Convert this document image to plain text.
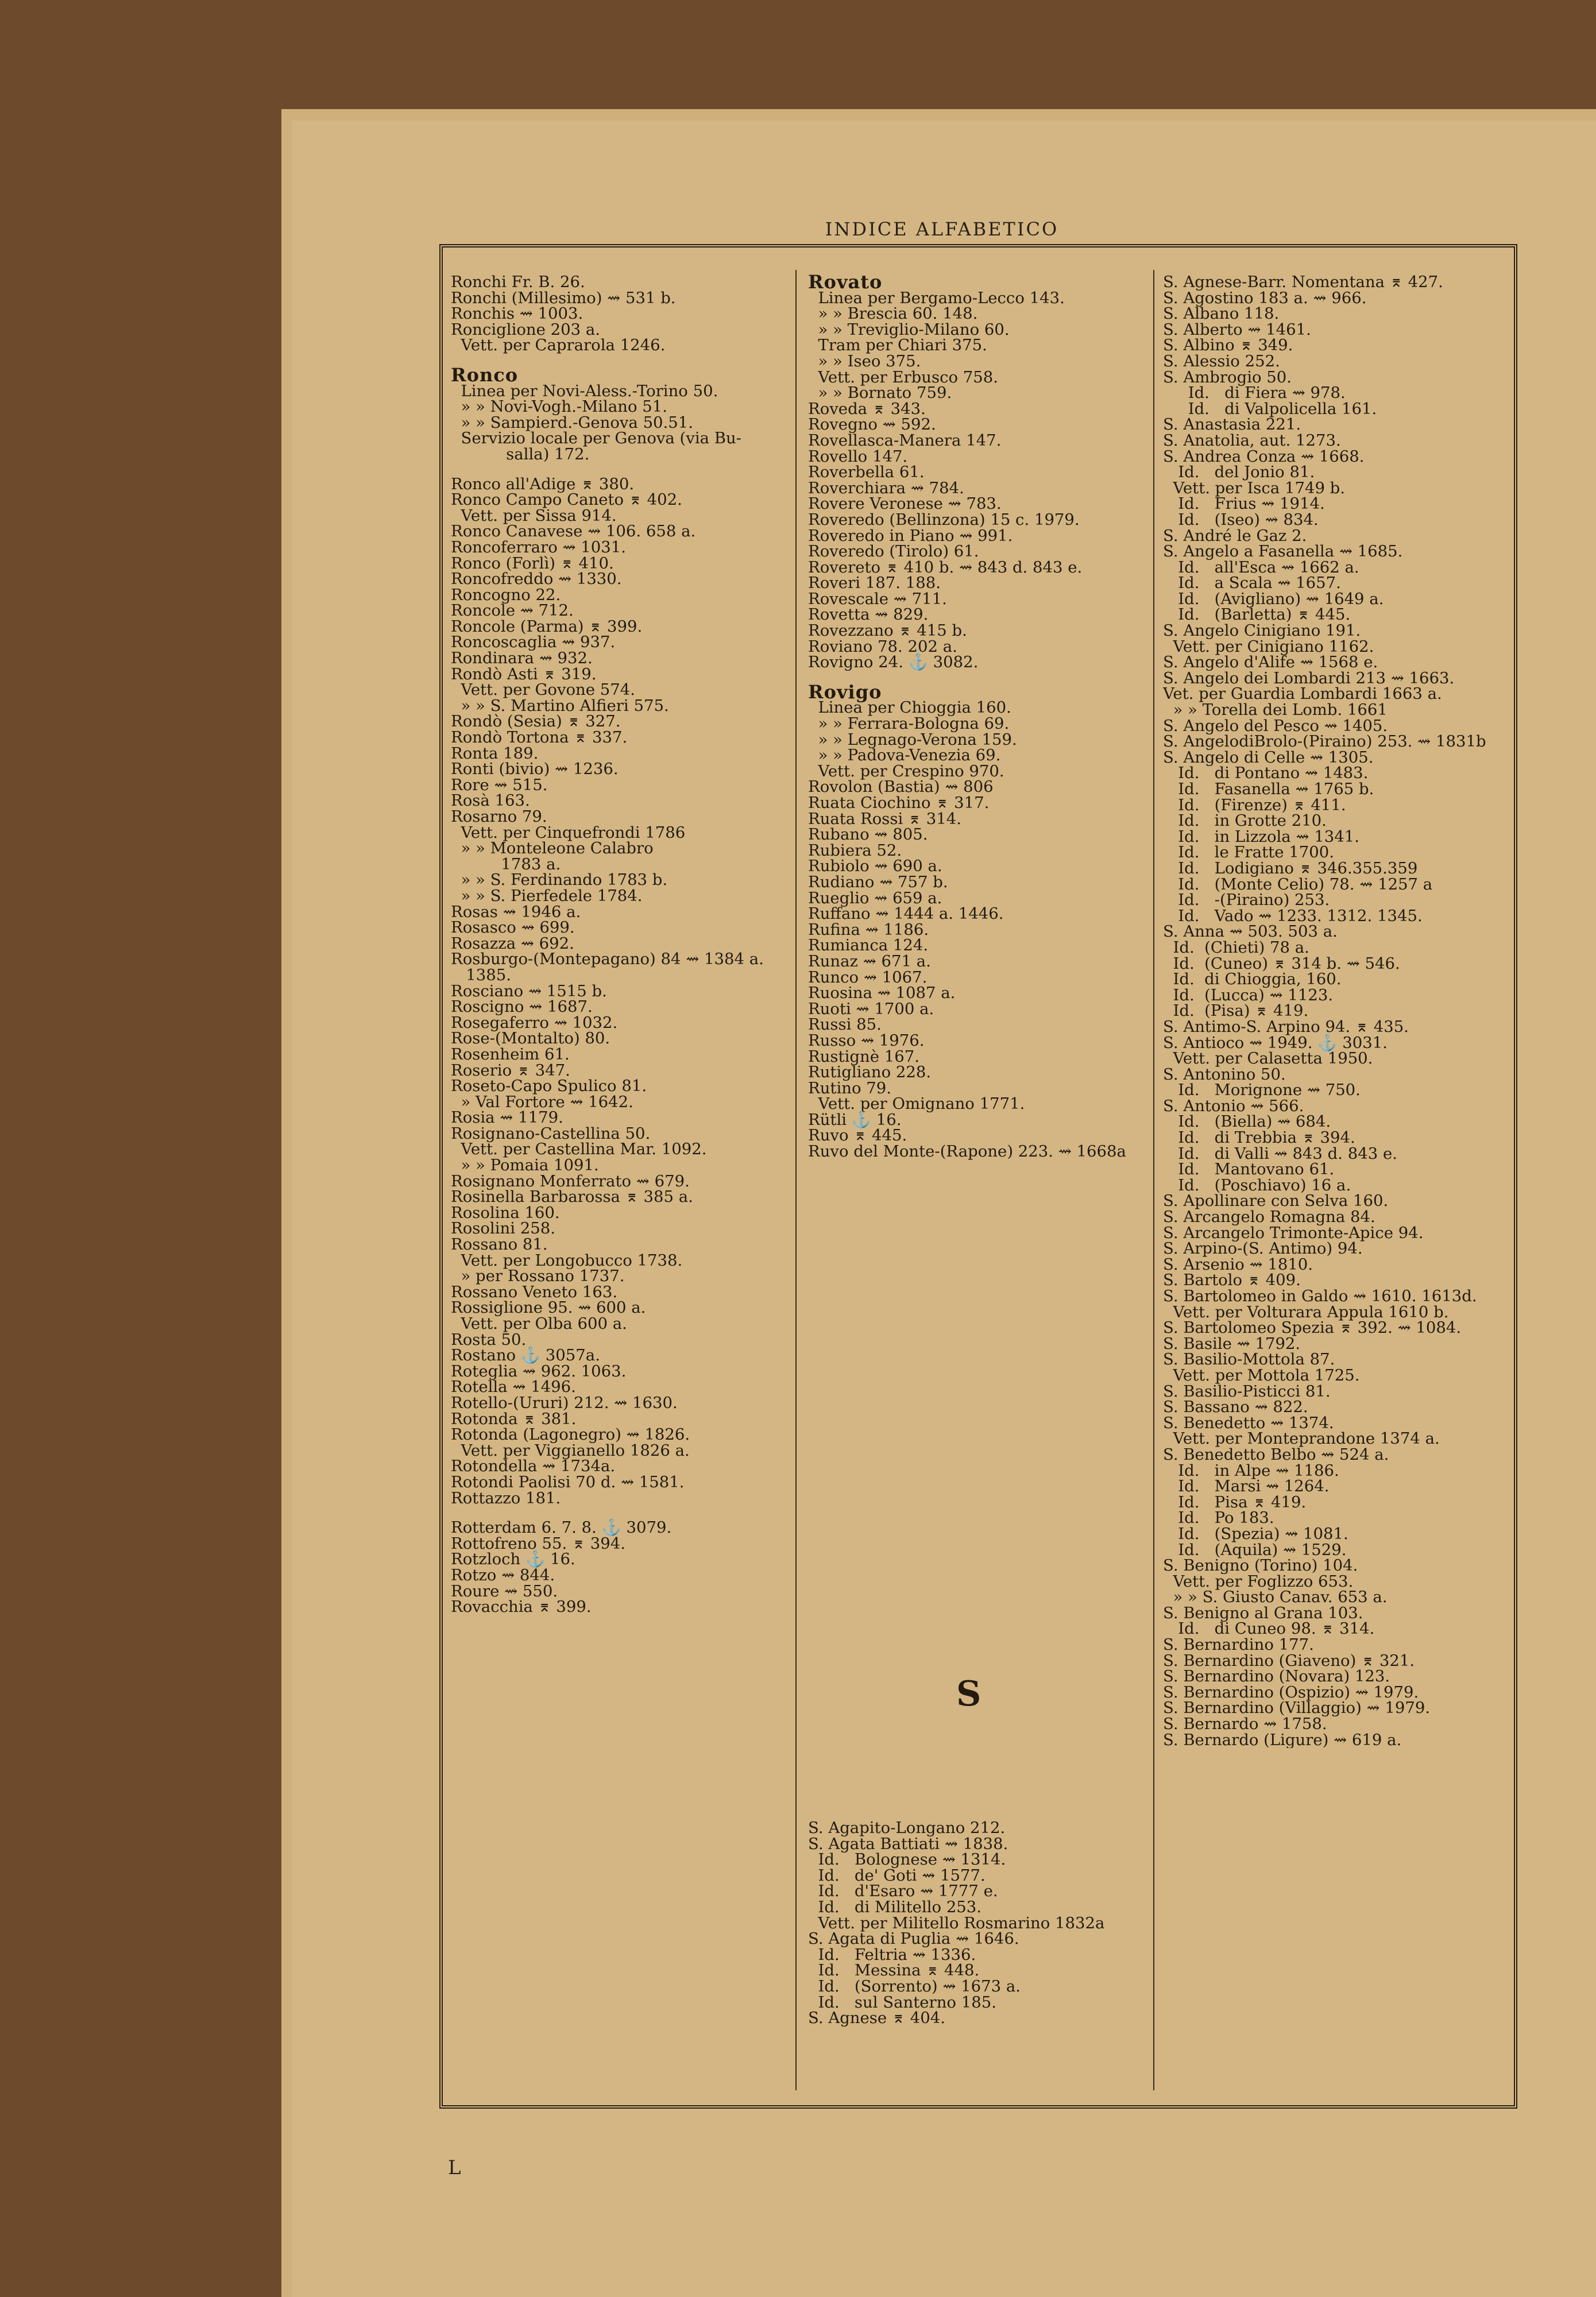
INDICE ALFABETICO
Ronchi Fr. B. 26.
Ronchi (Millesimo) ⇝ 531 b.
Ronchis ⇝ 1003.
Ronciglione 203 a.
Vett. per Caprarola 1246.
Ronco
Linea per Novi-Aless.-Torino 50.
» » Novi-Vogh.-Milano 51.
» » Sampierd.-Genova 50.51.
Servizio locale per Genova (via Bu-
salla) 172.
Ronco all'Adige ⌆ 380.
Ronco Campo Caneto ⌆ 402.
Vett. per Sissa 914.
Ronco Canavese ⇝ 106. 658 a.
Roncoferraro ⇝ 1031.
Ronco (Forlì) ⌆ 410.
Roncofreddo ⇝ 1330.
Roncogno 22.
Roncole ⇝ 712.
Roncole (Parma) ⌆ 399.
Roncoscaglia ⇝ 937.
Rondinara ⇝ 932.
Rondò Asti ⌆ 319.
Vett. per Govone 574.
» » S. Martino Alfieri 575.
Rondò (Sesia) ⌆ 327.
Rondò Tortona ⌆ 337.
Ronta 189.
Ronti (bivio) ⇝ 1236.
Rore ⇝ 515.
Rosà 163.
Rosarno 79.
Vett. per Cinquefrondi 1786
» » Monteleone Calabro
1783 a.
» » S. Ferdinando 1783 b.
» » S. Pierfedele 1784.
Rosas ⇝ 1946 a.
Rosasco ⇝ 699.
Rosazza ⇝ 692.
Rosburgo-(Montepagano) 84 ⇝ 1384 a.
1385.
Rosciano ⇝ 1515 b.
Roscigno ⇝ 1687.
Rosegaferro ⇝ 1032.
Rose-(Montalto) 80.
Rosenheim 61.
Roserio ⌆ 347.
Roseto-Capo Spulico 81.
» Val Fortore ⇝ 1642.
Rosia ⇝ 1179.
Rosignano-Castellina 50.
Vett. per Castellina Mar. 1092.
» » Pomaia 1091.
Rosignano Monferrato ⇝ 679.
Rosinella Barbarossa ⌆ 385 a.
Rosolina 160.
Rosolini 258.
Rossano 81.
Vett. per Longobucco 1738.
» per Rossano 1737.
Rossano Veneto 163.
Rossiglione 95. ⇝ 600 a.
Vett. per Olba 600 a.
Rosta 50.
Rostano ⚓ 3057a.
Roteglia ⇝ 962. 1063.
Rotella ⇝ 1496.
Rotello-(Ururi) 212. ⇝ 1630.
Rotonda ⌆ 381.
Rotonda (Lagonegro) ⇝ 1826.
Vett. per Viggianello 1826 a.
Rotondella ⇝ 1734a.
Rotondi Paolisi 70 d. ⇝ 1581.
Rottazzo 181.
Rotterdam 6. 7. 8. ⚓ 3079.
Rottofreno 55. ⌆ 394.
Rotzloch ⚓ 16.
Rotzo ⇝ 844.
Roure ⇝ 550.
Rovacchia ⌆ 399.
Rovato
Linea per Bergamo-Lecco 143.
» » Brescia 60. 148.
» » Treviglio-Milano 60.
Tram per Chiari 375.
» » Iseo 375.
Vett. per Erbusco 758.
» » Bornato 759.
Roveda ⌆ 343.
Rovegno ⇝ 592.
Rovellasca-Manera 147.
Rovello 147.
Roverbella 61.
Roverchiara ⇝ 784.
Rovere Veronese ⇝ 783.
Roveredo (Bellinzona) 15 c. 1979.
Roveredo in Piano ⇝ 991.
Roveredo (Tirolo) 61.
Rovereto ⌆ 410 b. ⇝ 843 d. 843 e.
Roveri 187. 188.
Rovescale ⇝ 711.
Rovetta ⇝ 829.
Rovezzano ⌆ 415 b.
Roviano 78. 202 a.
Rovigno 24. ⚓ 3082.
Rovigo
Linea per Chioggia 160.
» » Ferrara-Bologna 69.
» » Legnago-Verona 159.
» » Padova-Venezia 69.
Vett. per Crespino 970.
Rovolon (Bastia) ⇝ 806
Ruata Ciochino ⌆ 317.
Ruata Rossi ⌆ 314.
Rubano ⇝ 805.
Rubiera 52.
Rubiolo ⇝ 690 a.
Rudiano ⇝ 757 b.
Rueglio ⇝ 659 a.
Ruffano ⇝ 1444 a. 1446.
Rufina ⇝ 1186.
Rumianca 124.
Runaz ⇝ 671 a.
Runco ⇝ 1067.
Ruosina ⇝ 1087 a.
Ruoti ⇝ 1700 a.
Russi 85.
Russo ⇝ 1976.
Rustignè 167.
Rutigliano 228.
Rutino 79.
Vett. per Omignano 1771.
Rütli ⚓ 16.
Ruvo ⌆ 445.
Ruvo del Monte-(Rapone) 223. ⇝ 1668a
S. Agapito-Longano 212.
S. Agata Battiati ⇝ 1838.
Id.   Bolognese ⇝ 1314.
Id.   de' Goti ⇝ 1577.
Id.   d'Esaro ⇝ 1777 e.
Id.   di Militello 253.
Vett. per Militello Rosmarino 1832a
S. Agata di Puglia ⇝ 1646.
Id.   Feltria ⇝ 1336.
Id.   Messina ⌆ 448.
Id.   (Sorrento) ⇝ 1673 a.
Id.   sul Santerno 185.
S. Agnese ⌆ 404.
S. Agnese-Barr. Nomentana ⌆ 427.
S. Agostino 183 a. ⇝ 966.
S. Albano 118.
S. Alberto ⇝ 1461.
S. Albino ⌆ 349.
S. Alessio 252.
S. Ambrogio 50.
Id.   di Fiera ⇝ 978.
Id.   di Valpolicella 161.
S. Anastasia 221.
S. Anatolia, aut. 1273.
S. Andrea Conza ⇝ 1668.
Id.   del Jonio 81.
Vett. per Isca 1749 b.
Id.   Frius ⇝ 1914.
Id.   (Iseo) ⇝ 834.
S. André le Gaz 2.
S. Angelo a Fasanella ⇝ 1685.
Id.   all'Esca ⇝ 1662 a.
Id.   a Scala ⇝ 1657.
Id.   (Avigliano) ⇝ 1649 a.
Id.   (Barletta) ⌆ 445.
S. Angelo Cinigiano 191.
Vett. per Cinigiano 1162.
S. Angelo d'Alife ⇝ 1568 e.
S. Angelo dei Lombardi 213 ⇝ 1663.
Vet. per Guardia Lombardi 1663 a.
» » Torella dei Lomb. 1661
S. Angelo del Pesco ⇝ 1405.
S. AngelodiBrolo-(Piraino) 253. ⇝ 1831b
S. Angelo di Celle ⇝ 1305.
Id.   di Pontano ⇝ 1483.
Id.   Fasanella ⇝ 1765 b.
Id.   (Firenze) ⌆ 411.
Id.   in Grotte 210.
Id.   in Lizzola ⇝ 1341.
Id.   le Fratte 1700.
Id.   Lodigiano ⌆ 346.355.359
Id.   (Monte Celio) 78. ⇝ 1257 a
Id.   -(Piraino) 253.
Id.   Vado ⇝ 1233. 1312. 1345.
S. Anna ⇝ 503. 503 a.
Id.  (Chieti) 78 a.
Id.  (Cuneo) ⌆ 314 b. ⇝ 546.
Id.  di Chioggia, 160.
Id.  (Lucca) ⇝ 1123.
Id.  (Pisa) ⌆ 419.
S. Antimo-S. Arpino 94. ⌆ 435.
S. Antioco ⇝ 1949. ⚓ 3031.
Vett. per Calasetta 1950.
S. Antonino 50.
Id.   Morignone ⇝ 750.
S. Antonio ⇝ 566.
Id.   (Biella) ⇝ 684.
Id.   di Trebbia ⌆ 394.
Id.   di Valli ⇝ 843 d. 843 e.
Id.   Mantovano 61.
Id.   (Poschiavo) 16 a.
S. Apollinare con Selva 160.
S. Arcangelo Romagna 84.
S. Arcangelo Trimonte-Apice 94.
S. Arpino-(S. Antimo) 94.
S. Arsenio ⇝ 1810.
S. Bartolo ⌆ 409.
S. Bartolomeo in Galdo ⇝ 1610. 1613d.
Vett. per Volturara Appula 1610 b.
S. Bartolomeo Spezia ⌆ 392. ⇝ 1084.
S. Basile ⇝ 1792.
S. Basilio-Mottola 87.
Vett. per Mottola 1725.
S. Basilio-Pisticci 81.
S. Bassano ⇝ 822.
S. Benedetto ⇝ 1374.
Vett. per Monteprandone 1374 a.
S. Benedetto Belbo ⇝ 524 a.
Id.   in Alpe ⇝ 1186.
Id.   Marsi ⇝ 1264.
Id.   Pisa ⌆ 419.
Id.   Po 183.
Id.   (Spezia) ⇝ 1081.
Id.   (Aquila) ⇝ 1529.
S. Benigno (Torino) 104.
Vett. per Foglizzo 653.
» » S. Giusto Canav. 653 a.
S. Benigno al Grana 103.
Id.   di Cuneo 98. ⌆ 314.
S. Bernardino 177.
S. Bernardino (Giaveno) ⌆ 321.
S. Bernardino (Novara) 123.
S. Bernardino (Ospizio) ⇝ 1979.
S. Bernardino (Villaggio) ⇝ 1979.
S. Bernardo ⇝ 1758.
S. Bernardo (Ligure) ⇝ 619 a.
S
L
